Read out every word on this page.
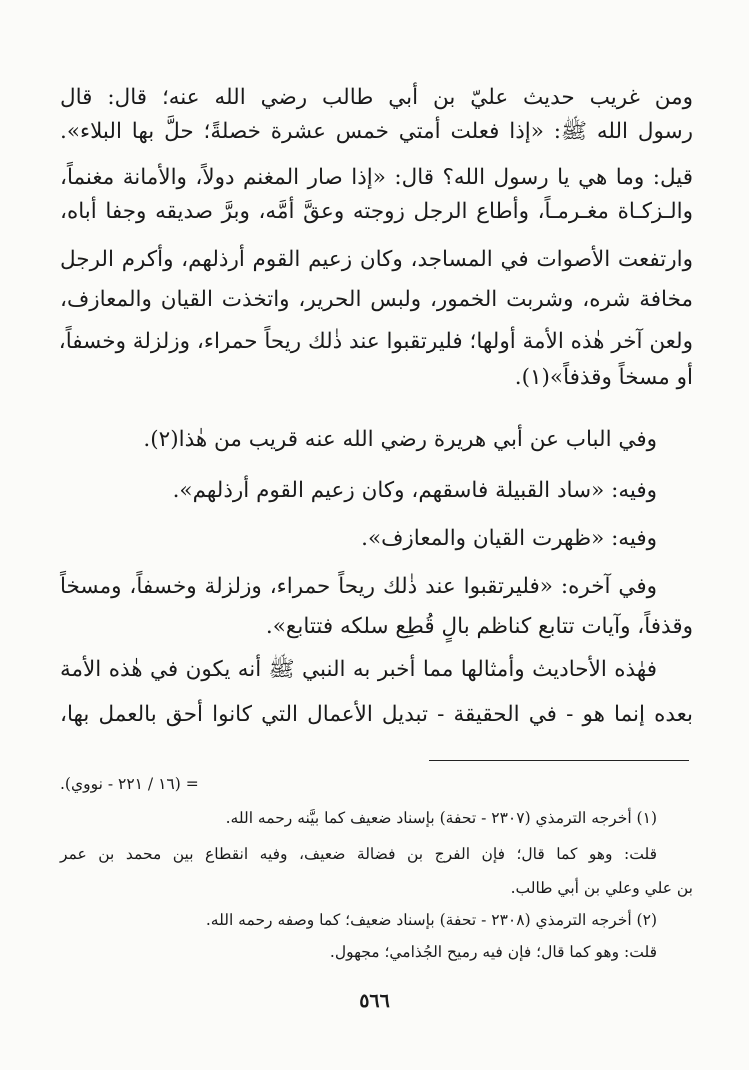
ومن غريب حديث عليّ بن أبي طالب رضي الله عنه؛ قال: قال
رسول الله ﷺ: «إذا فعلت أمتي خمس عشرة خصلةً؛ حلَّ بها البلاء».
قيل: وما هي يا رسول الله؟ قال: «إذا صار المغنم دولاً، والأمانة مغنماً،
والـزكـاة مغـرمـاً، وأطاع الرجل زوجته وعقَّ أمَّه، وبرَّ صديقه وجفا أباه،
وارتفعت الأصوات في المساجد، وكان زعيم القوم أرذلهم، وأكرم الرجل
مخافة شره، وشربت الخمور، ولبس الحرير، واتخذت القيان والمعازف،
ولعن آخر هٰذه الأمة أولها؛ فليرتقبوا عند ذٰلك ريحاً حمراء، وزلزلة وخسفاً،
أو مسخاً وقذفاً»(١).
وفي الباب عن أبي هريرة رضي الله عنه قريب من هٰذا(٢).
وفيه: «ساد القبيلة فاسقهم، وكان زعيم القوم أرذلهم».
وفيه: «ظهرت القيان والمعازف».
وفي آخره: «فليرتقبوا عند ذٰلك ريحاً حمراء، وزلزلة وخسفاً، ومسخاً
وقذفاً، وآيات تتابع كناظم بالٍ قُطِع سلكه فتتابع».
فهٰذه الأحاديث وأمثالها مما أخبر به النبي ﷺ أنه يكون في هٰذه الأمة
بعده إنما هو - في الحقيقة - تبديل الأعمال التي كانوا أحق بالعمل بها،
= (١٦ / ٢٢١ - نووي).
(١) أخرجه الترمذي (٢٣٠٧ - تحفة) بإسناد ضعيف كما بيَّنه رحمه الله.
قلت: وهو كما قال؛ فإن الفرج بن فضالة ضعيف، وفيه انقطاع بين محمد بن عمر
بن علي وعلي بن أبي طالب.
(٢) أخرجه الترمذي (٢٣٠٨ - تحفة) بإسناد ضعيف؛ كما وصفه رحمه الله.
قلت: وهو كما قال؛ فإن فيه رميح الجُذامي؛ مجهول.
٥٦٦
